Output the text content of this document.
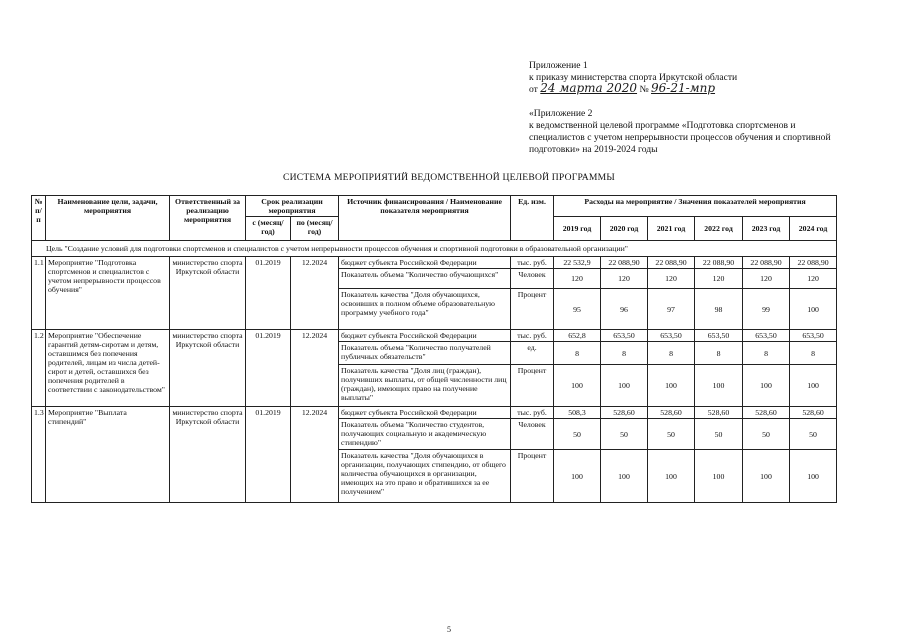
Приложение 1
к приказу министерства спорта Иркутской области
от 24 марта 2020 № 96-21-мпр
«Приложение 2
к ведомственной целевой программе «Подготовка спортсменов и
специалистов с учетом непрерывности процессов обучения и спортивной
подготовки» на 2019-2024 годы
СИСТЕМА МЕРОПРИЯТИЙ ВЕДОМСТВЕННОЙ ЦЕЛЕВОЙ ПРОГРАММЫ
№ п/п	Наименование цели, задачи, мероприятия	Ответственный за реализацию мероприятия	Срок реализации мероприятия		Источник финансирования / Наименование показателя мероприятия	Ед. изм.	Расходы на мероприятие / Значения показателей мероприятия					
			с (месяц/год)	по (месяц/год)			2019 год	2020 год	2021 год	2022 год	2023 год	2024 год
Цель "Создание условий для подготовки спортсменов и специалистов с учетом непрерывности процессов обучения и спортивной подготовки в образовательной организации"												
1.1	Мероприятие "Подготовка спортсменов и специалистов с учетом непрерывности процессов обучения"	министерство спорта Иркутской области	01.2019	12.2024	бюджет субъекта Российской Федерации	тыс. руб.	22 532,9	22 088,90	22 088,90	22 088,90	22 088,90	22 088,90
					Показатель объема "Количество обучающихся"	Человек	120	120	120	120	120	120
					Показатель качества "Доля обучающихся, освоивших в полном объеме образовательную программу учебного года"	Процент	95	96	97	98	99	100
1.2	Мероприятие "Обеспечение гарантий детям-сиротам и детям, оставшимся без попечения родителей, лицам из числа детей-сирот и детей, оставшихся без попечения родителей в соответствии с законодательством"	министерство спорта Иркутской области	01.2019	12.2024	бюджет субъекта Российской Федерации	тыс. руб.	652,8	653,50	653,50	653,50	653,50	653,50
					Показатель объема "Количество получателей публичных обязательств"	ед.	8	8	8	8	8	8
					Показатель качества "Доля лиц (граждан), получивших выплаты, от общей численности лиц (граждан), имеющих право на получение выплаты"	Процент	100	100	100	100	100	100
1.3	Мероприятие "Выплата стипендий"	министерство спорта Иркутской области	01.2019	12.2024	бюджет субъекта Российской Федерации	тыс. руб.	508,3	528,60	528,60	528,60	528,60	528,60
					Показатель объема "Количество студентов, получающих социальную и академическую стипендию"	Человек	50	50	50	50	50	50
					Показатель качества "Доля обучающихся в организации, получающих стипендию, от общего количества обучающихся в организации, имеющих на это право и обратившихся за ее получением"	Процент	100	100	100	100	100	100
5
